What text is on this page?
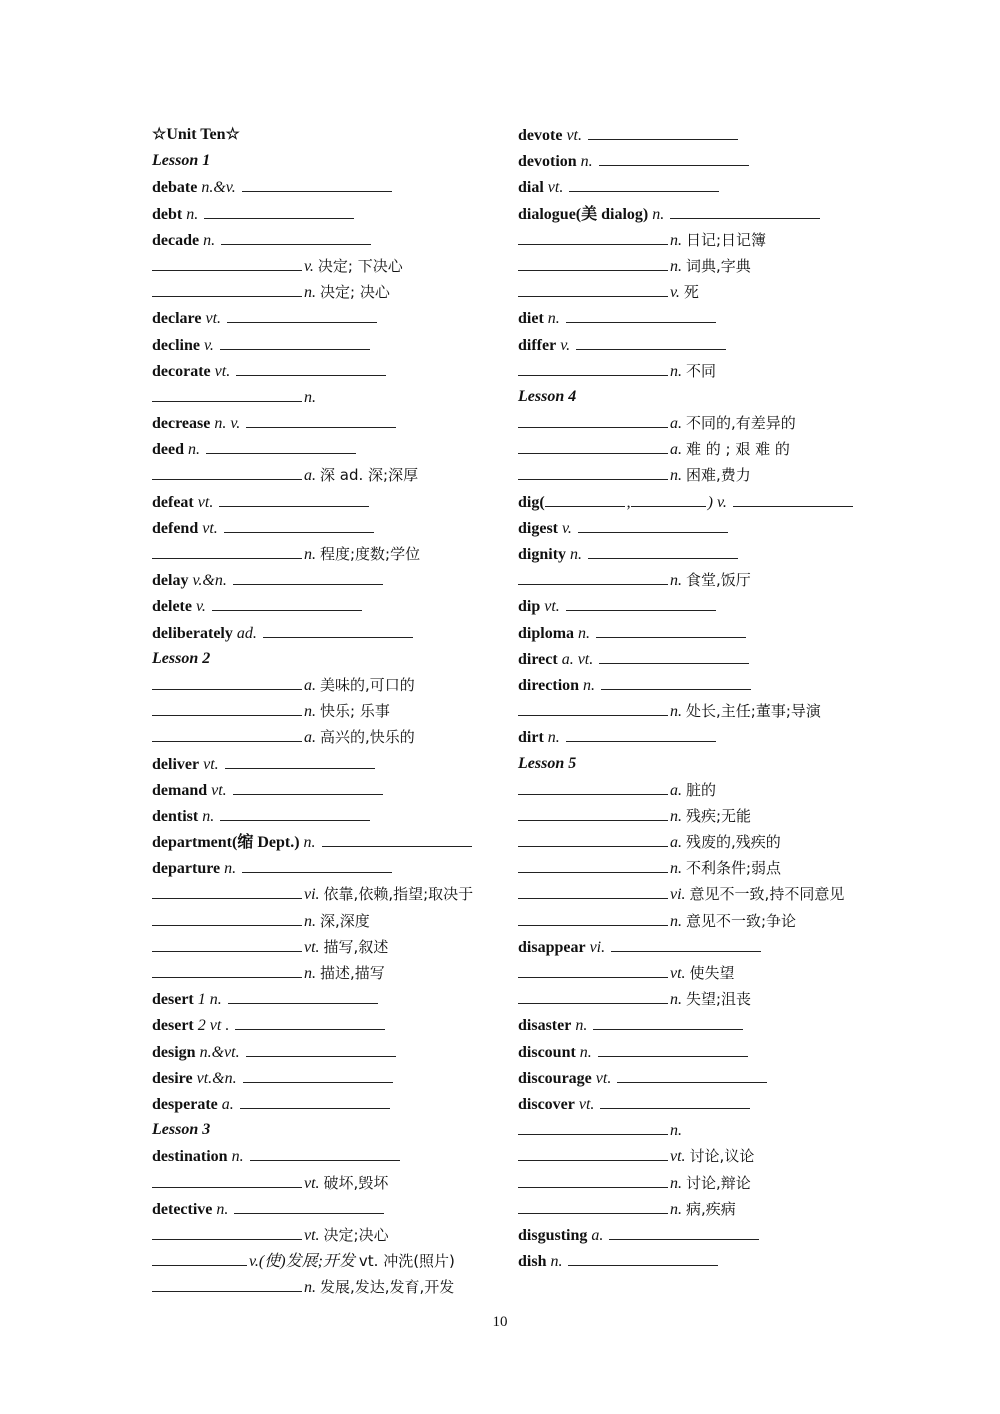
☆Unit Ten☆
Lesson 1
debate n.&v.
debt n.
decade n.
v. 决定; 下决心
n. 决定; 决心
declare vt.
decline v.
decorate vt.
n.
decrease n. v.
deed n.
a. 深 ad. 深;深厚
defeat vt.
defend vt.
n. 程度;度数;学位
delay v.&n.
delete v.
deliberately ad.
Lesson 2
a. 美味的,可口的
n. 快乐; 乐事
a. 高兴的,快乐的
deliver vt.
demand vt.
dentist n.
department(缩 Dept.) n.
departure n.
vi. 依靠,依赖,指望;取决于
n. 深,深度
vt. 描写,叙述
n. 描述,描写
desert 1 n.
desert 2 vt .
design n.&vt.
desire vt.&n.
desperate a.
Lesson 3
destination n.
vt. 破坏,毁坏
detective n.
vt. 决定;决心
v.(使)发展;开发 vt. 冲洗(照片)
n. 发展,发达,发育,开发
devote vt.
devotion n.
dial vt.
dialogue(美 dialog) n.
n. 日记;日记簿
n. 词典,字典
v. 死
diet n.
differ v.
n. 不同
Lesson 4
a. 不同的,有差异的
a. 难 的 ; 艰 难 的
n. 困难,费力
dig(	,	) v.
digest v.
dignity n.
n. 食堂,饭厅
dip vt.
diploma n.
direct a. vt.
direction n.
n. 处长,主任;董事;导演
dirt n.
Lesson 5
a. 脏的
n. 残疾;无能
a. 残废的,残疾的
n. 不利条件;弱点
vi. 意见不一致,持不同意见
n. 意见不一致;争论
disappear vi.
vt. 使失望
n. 失望;沮丧
disaster n.
discount n.
discourage vt.
discover vt.
n.
vt. 讨论,议论
n. 讨论,辩论
n. 病,疾病
disgusting a.
dish n.
10
